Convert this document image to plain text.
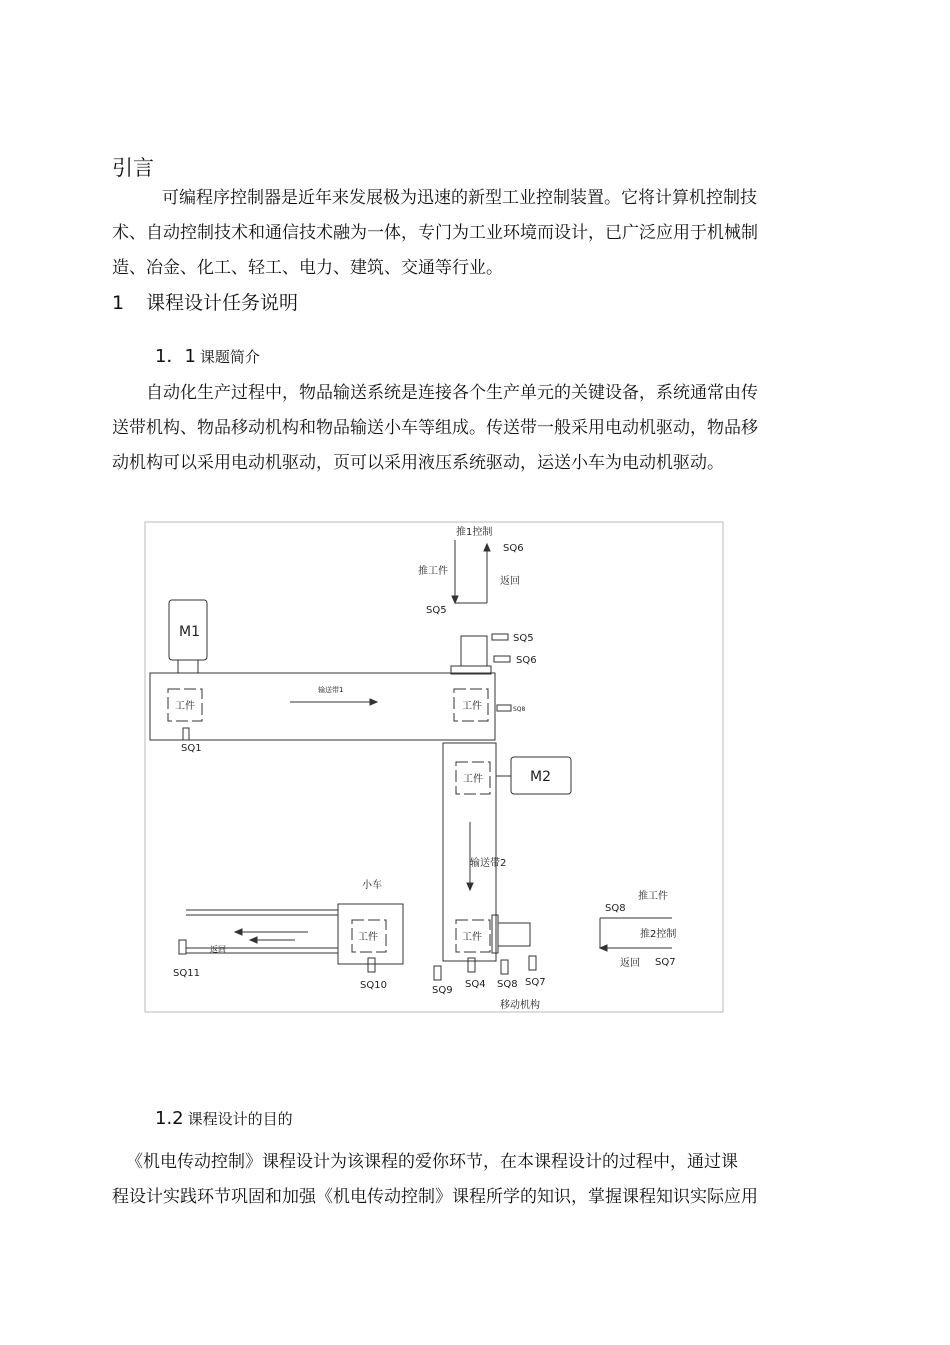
引言
可编程序控制器是近年来发展极为迅速的新型工业控制装置。它将计算机控制技
术、自动控制技术和通信技术融为一体，专门为工业环境而设计，已广泛应用于机械制
造、冶金、化工、轻工、电力、建筑、交通等行业。
1 课程设计任务说明
1．1 课题简介
自动化生产过程中，物品输送系统是连接各个生产单元的关键设备，系统通常由传
送带机构、物品移动机构和物品输送小车等组成。传送带一般采用电动机驱动，物品移
动机构可以采用电动机驱动，页可以采用液压系统驱动，运送小车为电动机驱动。
推1控制
推工件
返回
SQ6
SQ5
SQ5
SQ6
M1
M2
工件	工件
工件
工件
工件
输送带1
SQ8
SQ1
输送带2
小车
返回
SQ11
SQ10	SQ9
SQ4 SQ8 SQ7
移动机构
推工件
SQ8
推2控制
返回 SQ7
1.2 课程设计的目的
《机电传动控制》课程设计为该课程的爱你环节，在本课程设计的过程中，通过课
程设计实践环节巩固和加强《机电传动控制》课程所学的知识，掌握课程知识实际应用
